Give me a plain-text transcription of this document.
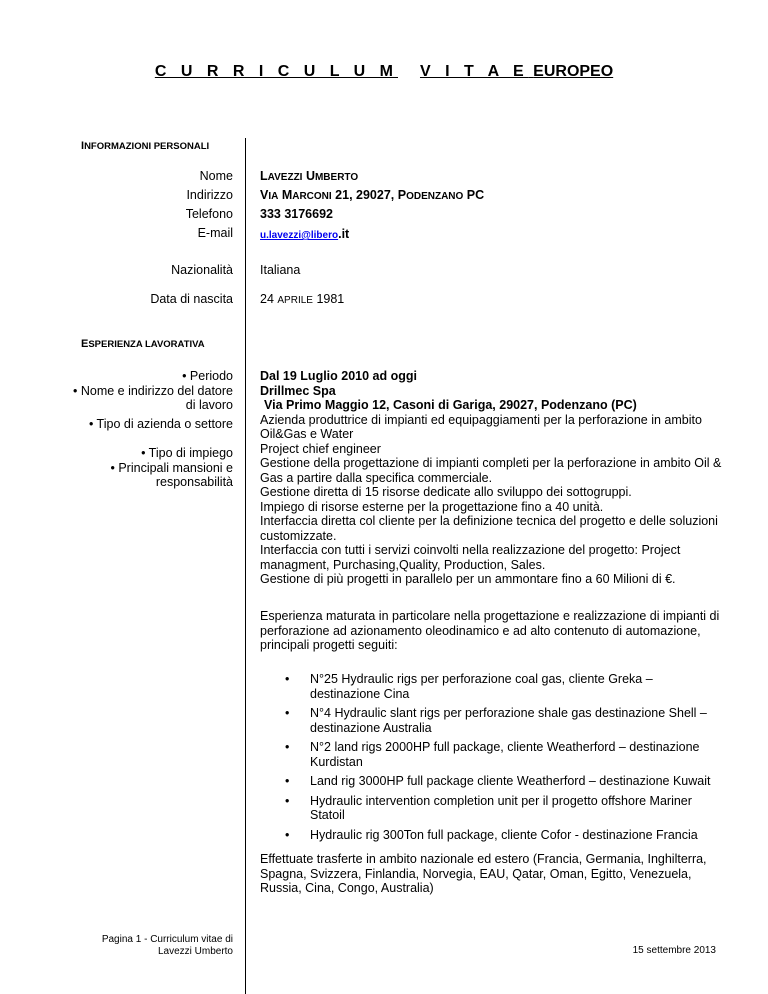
C U R R I C U L U M V I T A E EUROPEO
INFORMAZIONI PERSONALI
Nome LAVEZZI UMBERTO
Indirizzo VIA MARCONI 21, 29027, PODENZANO PC
Telefono 333 3176692
E-mail	u.lavezzi@libero.it
Nazionalità Italiana
Data di nascita 24 APRILE 1981
ESPERIENZA LAVORATIVA
• Periodo
• Nome e indirizzo del datore
di lavoro
• Tipo di azienda o settore
• Tipo di impiego
• Principali mansioni e
responsabilità

Dal 19 Luglio 2010 ad oggi

Drillmec Spa

Via Primo Maggio 12, Casoni di Gariga, 29027, Podenzano (PC)

Azienda produttrice di impianti ed equipaggiamenti per la perforazione in ambito Oil&Gas e Water

Project chief engineer

Gestione della progettazione di impianti completi per la perforazione in ambito Oil & Gas a partire dalla specifica commerciale.

Gestione diretta di 15 risorse dedicate allo sviluppo dei sottogruppi.

Impiego di risorse esterne per la progettazione fino a 40 unità.

Interfaccia diretta col cliente per la definizione tecnica del progetto e delle soluzioni customizzate.

Interfaccia con tutti i servizi coinvolti nella realizzazione del progetto: Project managment, Purchasing,Quality, Production, Sales.

Gestione di più progetti in parallelo per un ammontare fino a 60 Milioni di €.

Esperienza maturata in particolare nella progettazione e realizzazione di impianti di perforazione ad azionamento oleodinamico e ad alto contenuto di automazione, principali progetti seguiti:
• N°25 Hydraulic rigs per perforazione coal gas, cliente Greka – destinazione Cina
• N°4 Hydraulic slant rigs per perforazione shale gas destinazione Shell – destinazione Australia
• N°2 land rigs 2000HP full package, cliente Weatherford – destinazione Kurdistan
• Land rig 3000HP full package cliente Weatherford – destinazione Kuwait
• Hydraulic intervention completion unit per il progetto offshore Mariner Statoil
• Hydraulic rig 300Ton full package, cliente Cofor - destinazione Francia
Effettuate trasferte in ambito nazionale ed estero (Francia, Germania, Inghilterra, Spagna, Svizzera, Finlandia, Norvegia, EAU, Qatar, Oman, Egitto, Venezuela, Russia, Cina, Congo, Australia)
Pagina 1 - Curriculum vitae di
Lavezzi Umberto	15 settembre 2013
